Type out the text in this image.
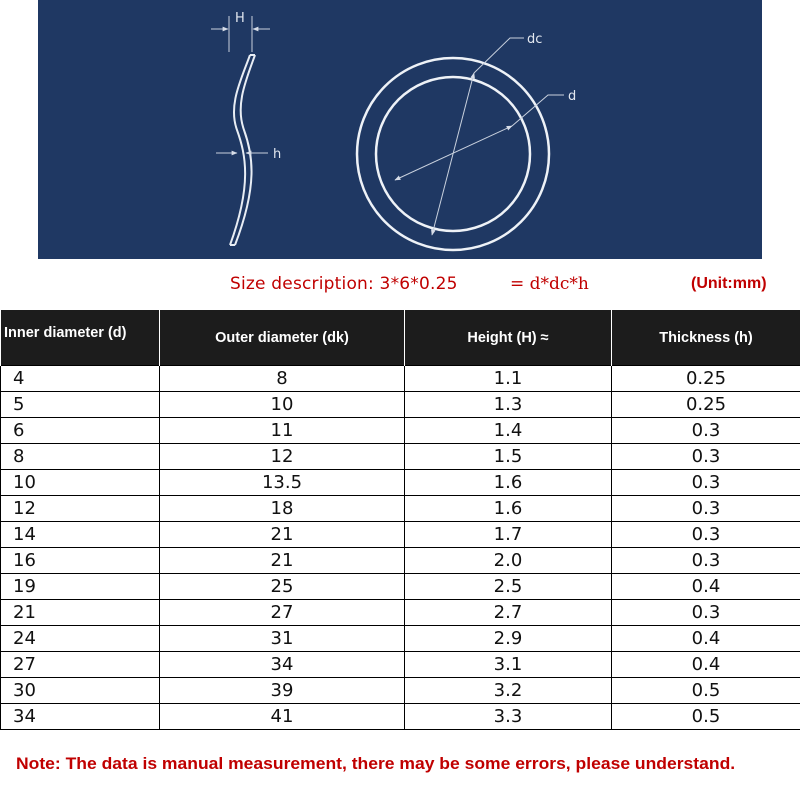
H
h
dc
d
Size description: 3*6*0.25	= d*dc*h	(Unit:mm)
Inner diameter (d)	Outer diameter (dk)	Height (H) ≈	Thickness (h)
4	8	1.1	0.25
5	10	1.3	0.25
6	11	1.4	0.3
8	12	1.5	0.3
10	13.5	1.6	0.3
12	18	1.6	0.3
14	21	1.7	0.3
16	21	2.0	0.3
19	25	2.5	0.4
21	27	2.7	0.3
24	31	2.9	0.4
27	34	3.1	0.4
30	39	3.2	0.5
34	41	3.3	0.5
Note: The data is manual measurement, there may be some errors, please understand.
